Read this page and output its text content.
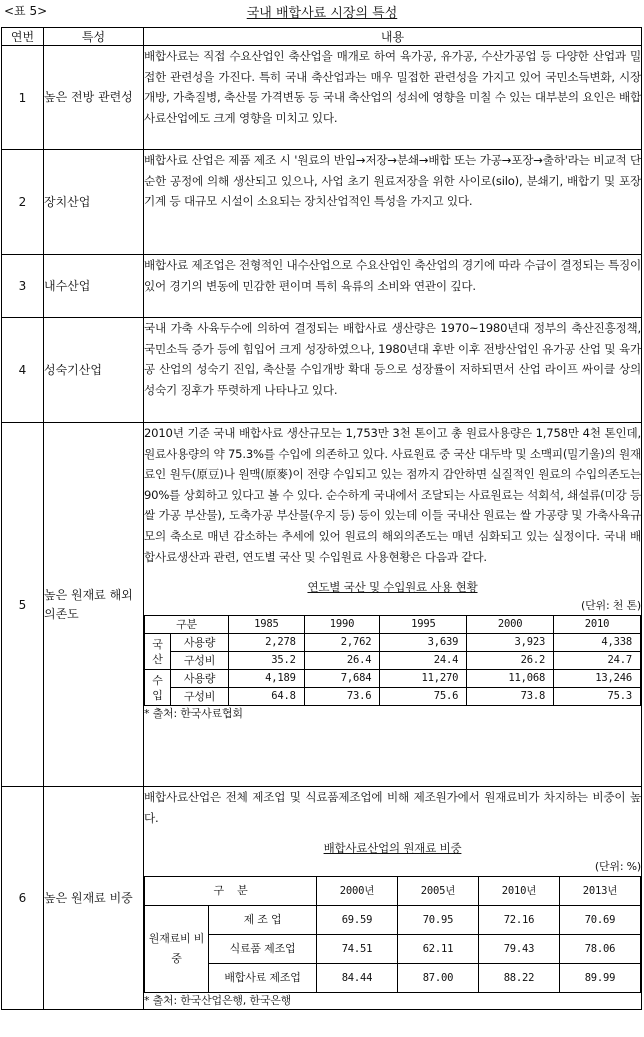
<표 5>	국내 배합사료 시장의 특성
연번	특성	내용
1	높은 전방 관련성	

배합사료는 직접 수요산업인 축산업을 매개로 하여 육가공, 유가공, 수산가공업 등 다양한 산업과 밀접한 관련성을 가진다. 특히 국내 축산업과는 매우 밀접한 관련성을 가지고 있어 국민소득변화, 시장개방, 가축질병, 축산물 가격변동 등 국내 축산업의 성쇠에 영향을 미칠 수 있는 대부분의 요인은 배합사료산업에도 크게 영향을 미치고 있다.

2	장치산업	

배합사료 산업은 제품 제조 시 '원료의 반입→저장→분쇄→배합 또는 가공→포장→출하'라는 비교적 단순한 공정에 의해 생산되고 있으나, 사업 초기 원료저장을 위한 사이로(silo), 분쇄기, 배합기 및 포장기계 등 대규모 시설이 소요되는 장치산업적인 특성을 가지고 있다.

3	내수산업	

배합사료 제조업은 전형적인 내수산업으로 수요산업인 축산업의 경기에 따라 수급이 결정되는 특징이 있어 경기의 변동에 민감한 편이며 특히 육류의 소비와 연관이 깊다.

4	성숙기산업	

국내 가축 사육두수에 의하여 결정되는 배합사료 생산량은 1970~1980년대 정부의 축산진흥정책, 국민소득 증가 등에 힘입어 크게 성장하였으나, 1980년대 후반 이후 전방산업인 유가공 산업 및 육가공 산업의 성숙기 진입, 축산물 수입개방 확대 등으로 성장률이 저하되면서 산업 라이프 싸이클 상의 성숙기 징후가 뚜렷하게 나타나고 있다.

5	높은 원재료 해외의존도	

2010년 기준 국내 배합사료 생산규모는 1,753만 3천 톤이고 총 원료사용량은 1,758만 4천 톤인데, 원료사용량의 약 75.3%를 수입에 의존하고 있다. 사료원료 중 국산 대두박 및 소맥피(밀기울)의 원재료인 원두(原豆)나 원맥(原麥)이 전량 수입되고 있는 점까지 감안하면 실질적인 원료의 수입의존도는 90%를 상회하고 있다고 볼 수 있다. 순수하게 국내에서 조달되는 사료원료는 석회석, 쇄설류(미강 등 쌀 가공 부산물), 도축가공 부산물(우지 등) 등이 있는데 이들 국내산 원료는 쌀 가공량 및 가축사육규모의 축소로 매년 감소하는 추세에 있어 원료의 해외의존도는 매년 심화되고 있는 실정이다. 국내 배합사료생산과 관련, 연도별 국산 및 수입원료 사용현황은 다음과 같다.

연도별 국산 및 수입원료 사용 현황
(단위: 천 톤)
구분	1985	1990	1995	2000	2010
국 산	사용량	2,278	2,762	3,639	3,923	4,338
구성비	35.2	26.4	24.4	26.2	24.7
수 입	사용량	4,189	7,684	11,270	11,068	13,246
구성비	64.8	73.6	75.6	73.8	75.3
* 출처: 한국사료협회

6	높은 원재료 비중	

배합사료산업은 전체 제조업 및 식료품제조업에 비해 제조원가에서 원재료비가 차지하는 비중이 높다.

배합사료산업의 원재료 비중
(단위: %)
구    분	2000년	2005년	2010년	2013년
원재료비 비중	제 조 업	69.59	70.95	72.16	70.69
식료품 제조업	74.51	62.11	79.43	78.06
배합사료 제조업	84.44	87.00	88.22	89.99
* 출처: 한국산업은행, 한국은행
